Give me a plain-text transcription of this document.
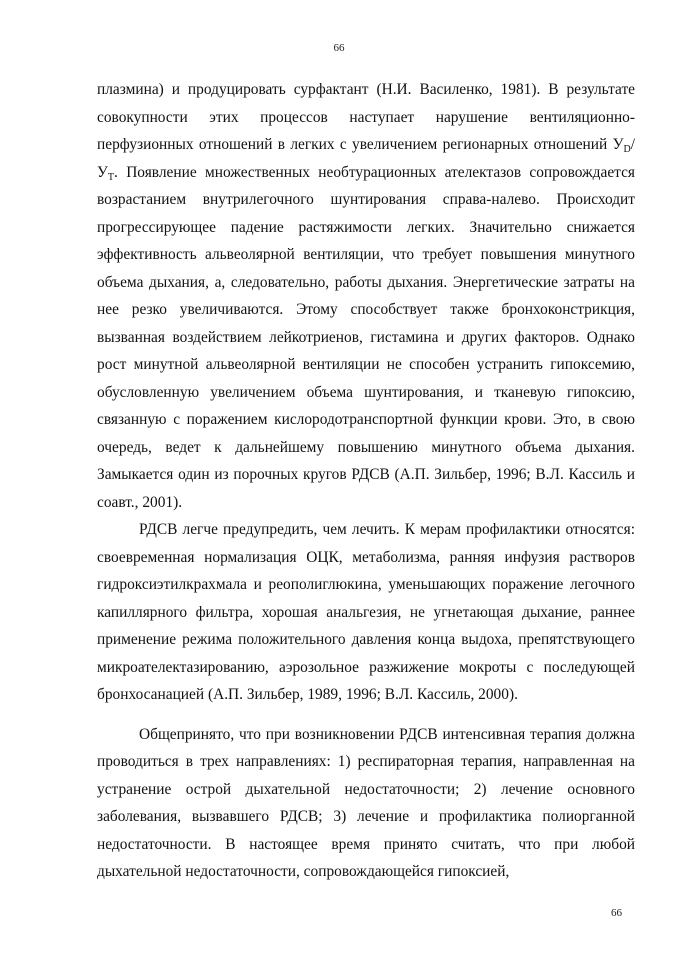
66

плазмина) и продуцировать сурфактант (Н.И. Василенко, 1981). В результате совокупности этих процессов наступает нарушение вентиляционно-перфузионных отношений в легких с увеличением регионарных отношений $У_D/У_T$. Появление множественных необтурационных ателектазов сопровождается возрастанием внутрилегочного шунтирования справа-налево. Происходит прогрессирующее падение растяжимости легких. Значительно снижается эффективность альвеолярной вентиляции, что требует повышения минутного объема дыхания, а, следовательно, работы дыхания. Энергетические затраты на нее резко увеличиваются. Этому способствует также бронхоконстрикция, вызванная воздействием лейкотриенов, гистамина и других факторов. Однако рост минутной альвеолярной вентиляции не способен устранить гипоксемию, обусловленную увеличением объема шунтирования, и тканевую гипоксию, связанную с поражением кислородотранспортной функции крови. Это, в свою очередь, ведет к дальнейшему повышению минутного объема дыхания. Замыкается один из порочных кругов РДСВ (А.П. Зильбер, 1996; В.Л. Кассиль и соавт., 2001).

РДСВ легче предупредить, чем лечить. К мерам профилактики относятся: своевременная нормализация ОЦК, метаболизма, ранняя инфузия растворов гидроксиэтилкрахмала и реополиглюкина, уменьшающих поражение легочного капиллярного фильтра, хорошая анальгезия, не угнетающая дыхание, раннее применение режима положительного давления конца выдоха, препятствующего микроателектазированию, аэрозольное разжижение мокроты с последующей бронхосанацией (А.П. Зильбер, 1989, 1996; В.Л. Кассиль, 2000).

Общепринято, что при возникновении РДСВ интенсивная терапия должна проводиться в трех направлениях: 1) респираторная терапия, направленная на устранение острой дыхательной недостаточности; 2) лечение основного заболевания, вызвавшего РДСВ; 3) лечение и профилактика полиорганной недостаточности. В настоящее время принято считать, что при любой дыхательной недостаточности, сопровождающейся гипоксией,

66
